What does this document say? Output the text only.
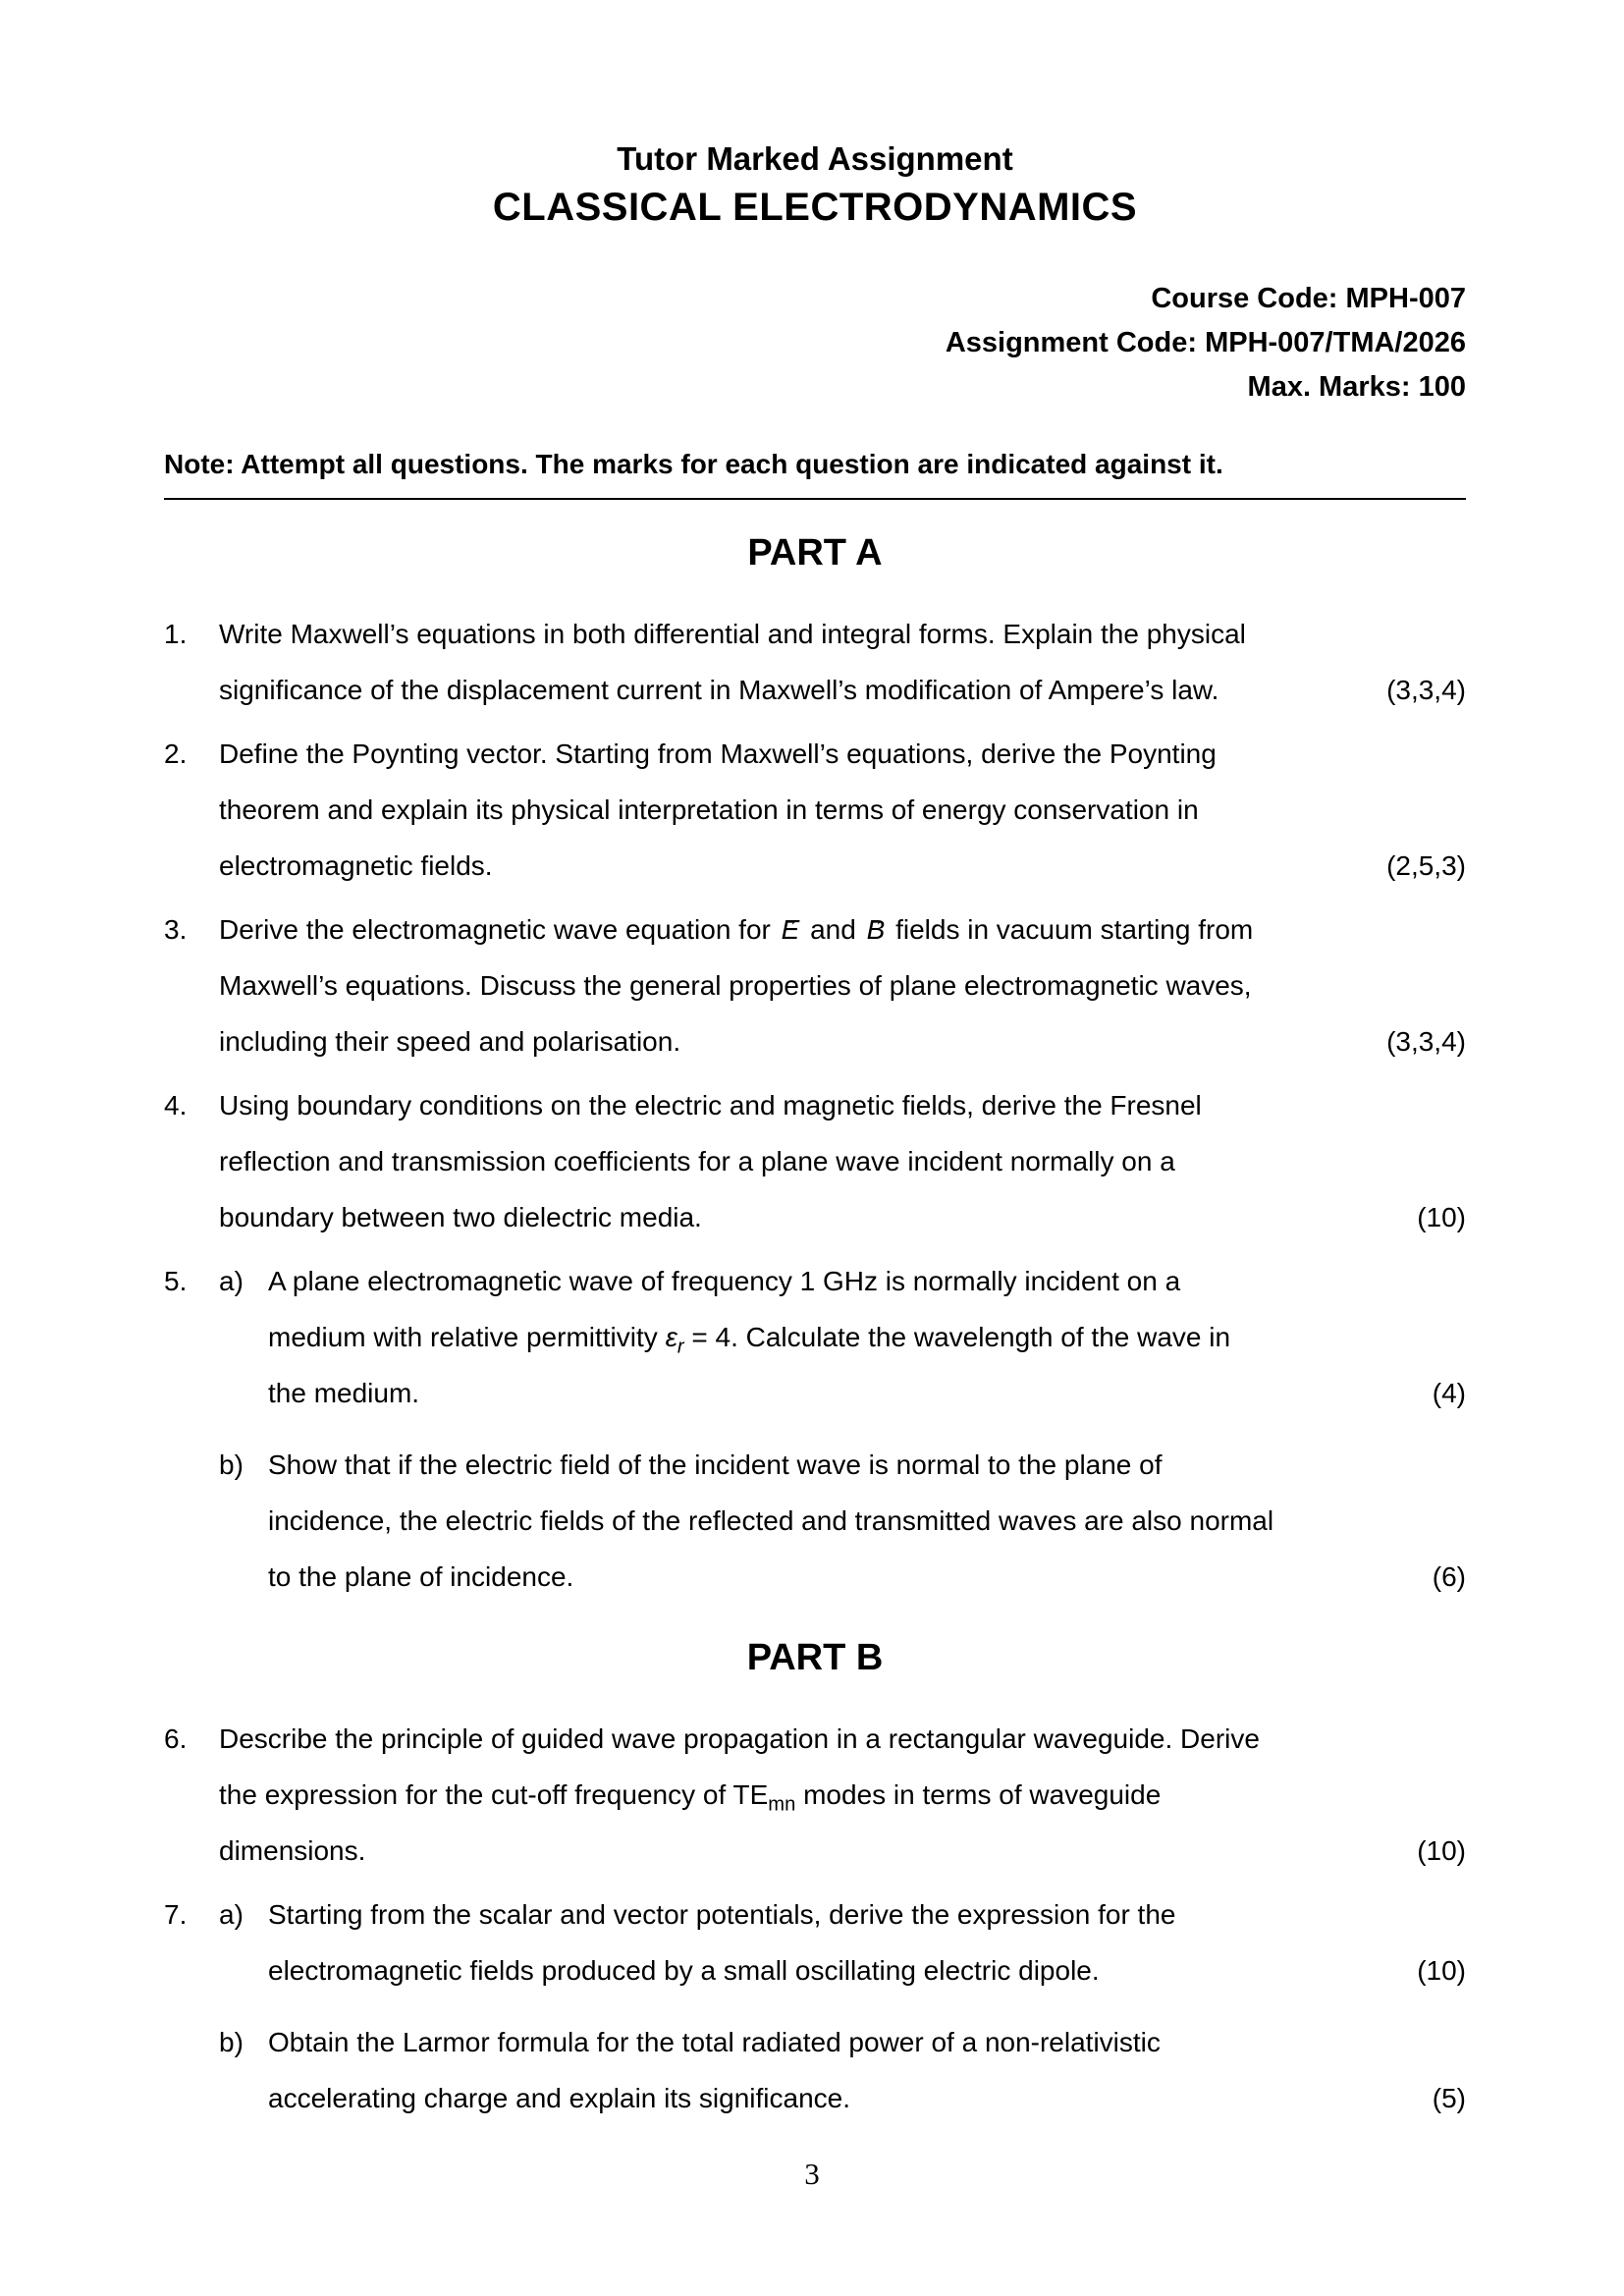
Tutor Marked Assignment
CLASSICAL ELECTRODYNAMICS
Course Code: MPH-007
Assignment Code: MPH-007/TMA/2026
Max. Marks: 100
Note: Attempt all questions. The marks for each question are indicated against it.
PART A
1.	Write Maxwell’s equations in both differential and integral forms. Explain the physical
significance of the displacement current in Maxwell’s modification of Ampere’s law.	(3,3,4)
2.	Define the Poynting vector. Starting from Maxwell’s equations, derive the Poynting
theorem and explain its physical interpretation in terms of energy conservation in
electromagnetic fields.	(2,5,3)
3.	Derive the electromagnetic wave equation for E → and B → fields in vacuum starting from
Maxwell’s equations. Discuss the general properties of plane electromagnetic waves,
including their speed and polarisation.	(3,3,4)
4.	Using boundary conditions on the electric and magnetic fields, derive the Fresnel
reflection and transmission coefficients for a plane wave incident normally on a
boundary between two dielectric media.	(10)
5.	a) A plane electromagnetic wave of frequency 1 GHz is normally incident on a
medium with relative permittivity $\varepsilon_r = 4$. Calculate the wavelength of the wave in
the medium.	(4)
b) Show that if the electric field of the incident wave is normal to the plane of
incidence, the electric fields of the reflected and transmitted waves are also normal
to the plane of incidence.	(6)
PART B
6.	Describe the principle of guided wave propagation in a rectangular waveguide. Derive
the expression for the cut-off frequency of $TE_{mn}$ modes in terms of waveguide
dimensions.	(10)
7.	a) Starting from the scalar and vector potentials, derive the expression for the
electromagnetic fields produced by a small oscillating electric dipole.	(10)
b) Obtain the Larmor formula for the total radiated power of a non-relativistic
accelerating charge and explain its significance.	(5)
3
